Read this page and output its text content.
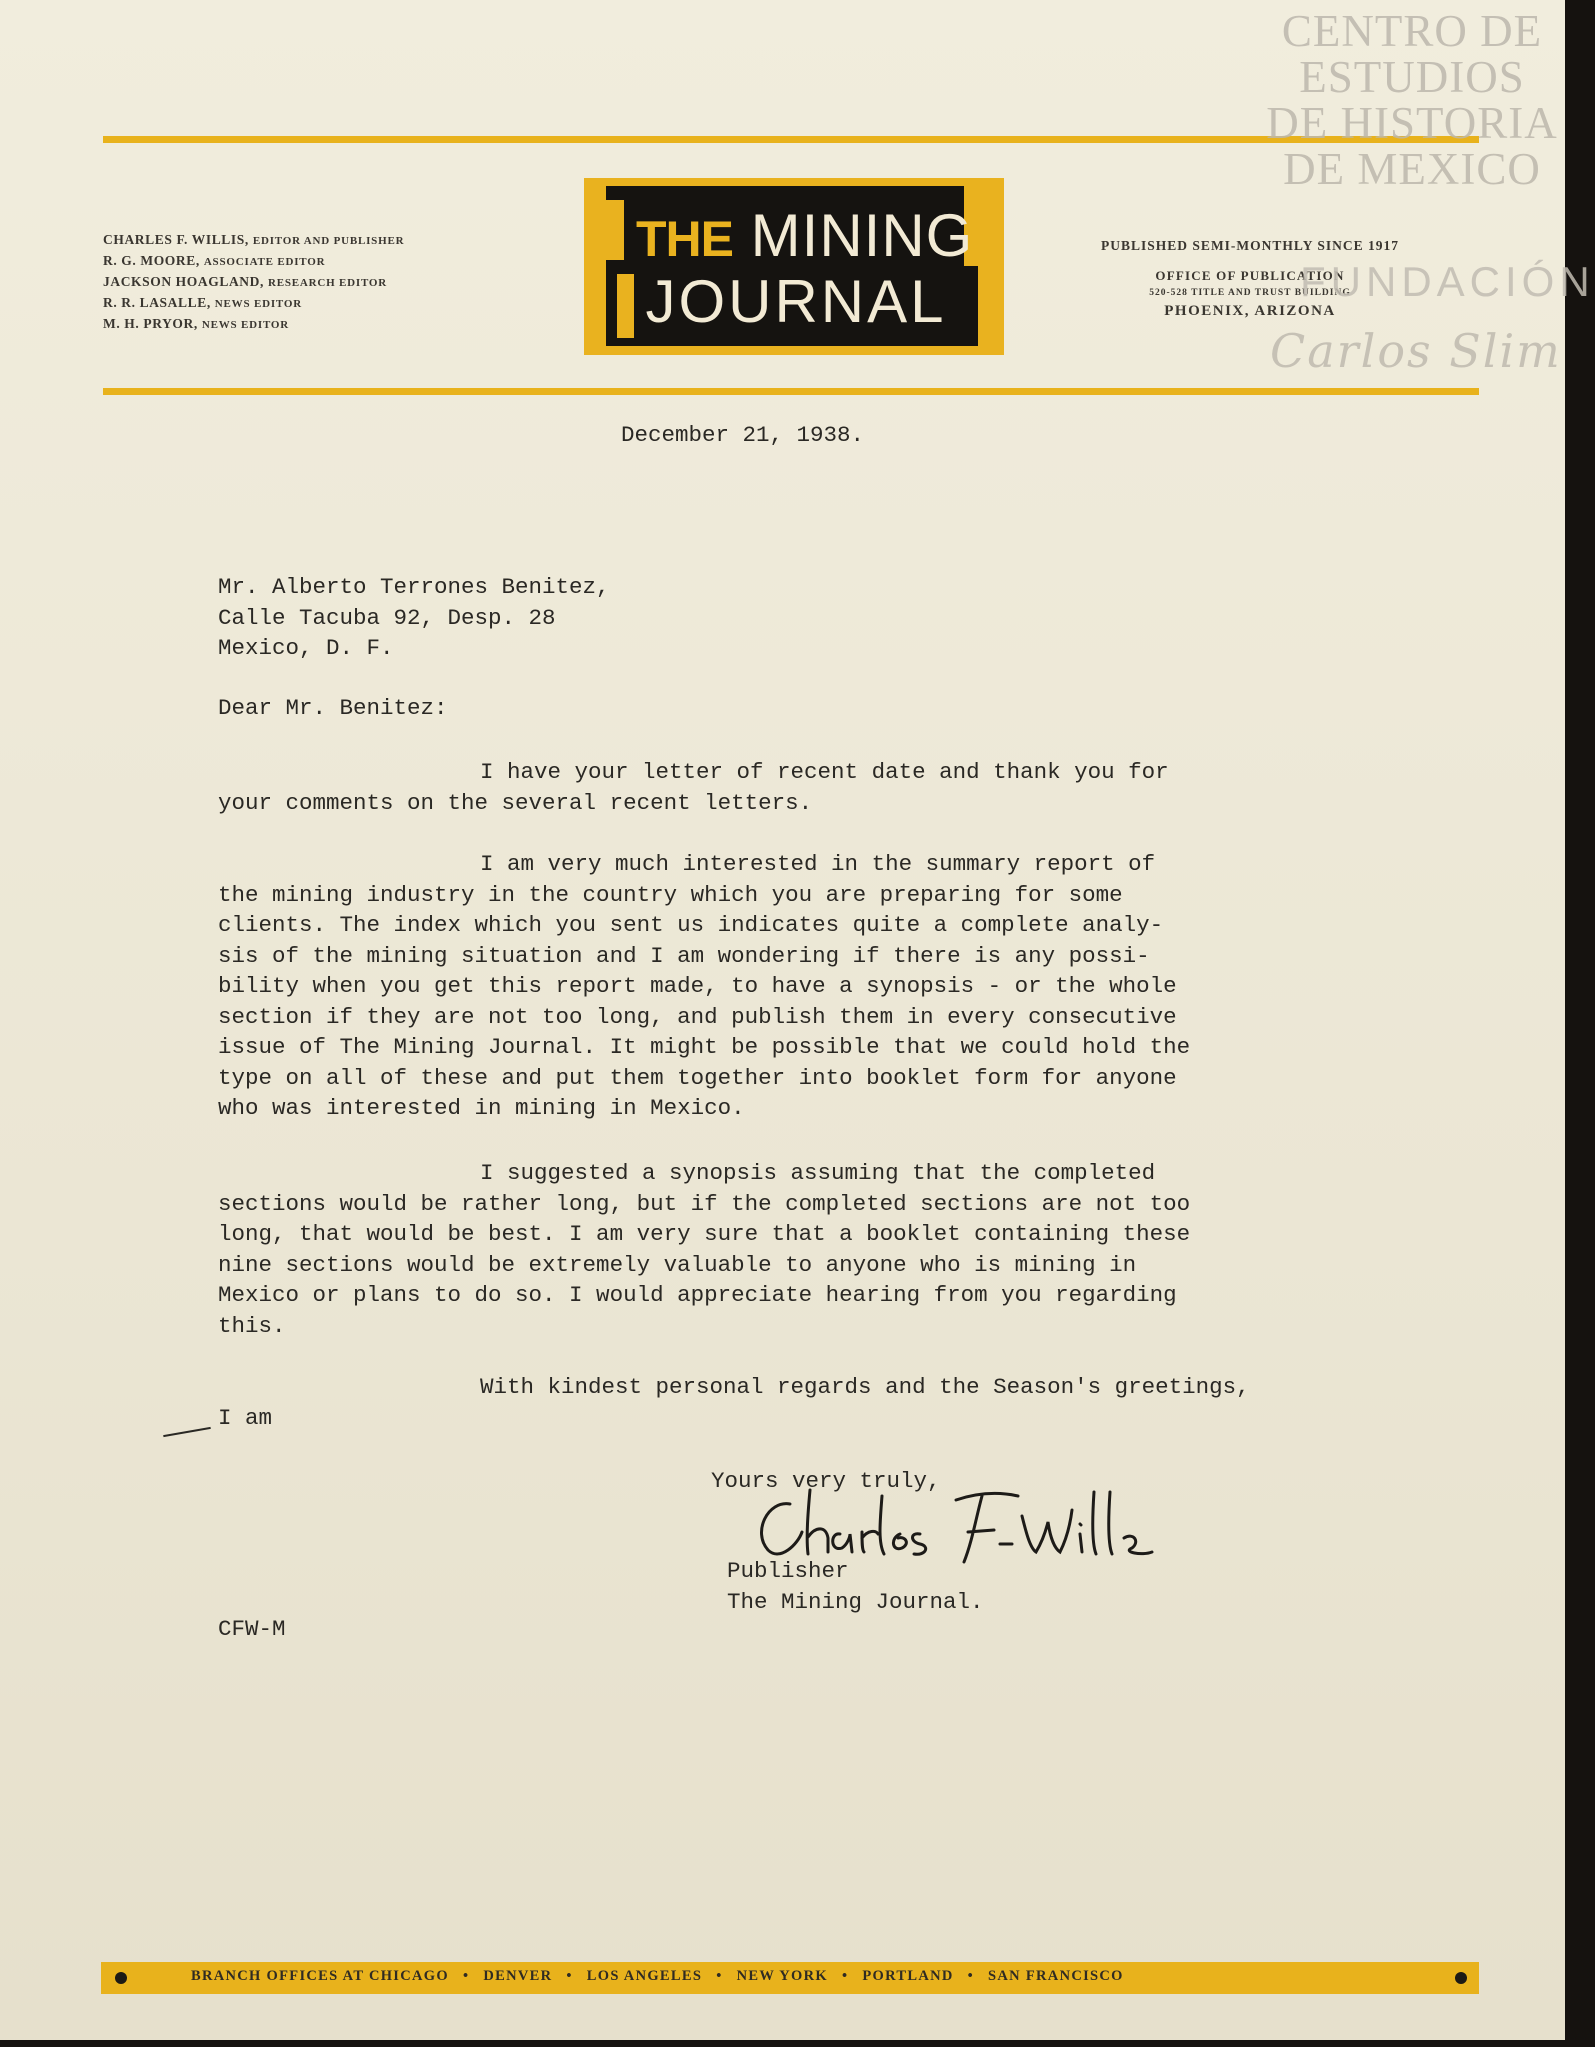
CHARLES F. WILLIS, EDITOR AND PUBLISHER
R. G. MOORE, ASSOCIATE EDITOR
JACKSON HOAGLAND, RESEARCH EDITOR
R. R. LASALLE, NEWS EDITOR
M. H. PRYOR, NEWS EDITOR
THE MINING
JOURNAL
PUBLISHED SEMI-MONTHLY SINCE 1917
OFFICE OF PUBLICATION
520-528 TITLE AND TRUST BUILDING
PHOENIX, ARIZONA
CENTRO DE
ESTUDIOS
DE HISTORIA
DE MEXICO
FUNDACIÓN
Carlos Slim
December 21, 1938.
Mr. Alberto Terrones Benitez,
Calle Tacuba 92, Desp. 28
Mexico, D. F.
Dear Mr. Benitez:
I have your letter of recent date and thank you for
your comments on the several recent letters.
I am very much interested in the summary report of
the mining industry in the country which you are preparing for some
clients. The index which you sent us indicates quite a complete analy-
sis of the mining situation and I am wondering if there is any possi-
bility when you get this report made, to have a synopsis - or the whole
section if they are not too long, and publish them in every consecutive
issue of The Mining Journal. It might be possible that we could hold the
type on all of these and put them together into booklet form for anyone
who was interested in mining in Mexico.
I suggested a synopsis assuming that the completed
sections would be rather long, but if the completed sections are not too
long, that would be best. I am very sure that a booklet containing these
nine sections would be extremely valuable to anyone who is mining in
Mexico or plans to do so. I would appreciate hearing from you regarding
this.
With kindest personal regards and the Season's greetings,
I am
Yours very truly,
Publisher
The Mining Journal.
CFW-M
BRANCH OFFICES AT CHICAGO • DENVER • LOS ANGELES • NEW YORK • PORTLAND • SAN FRANCISCO
